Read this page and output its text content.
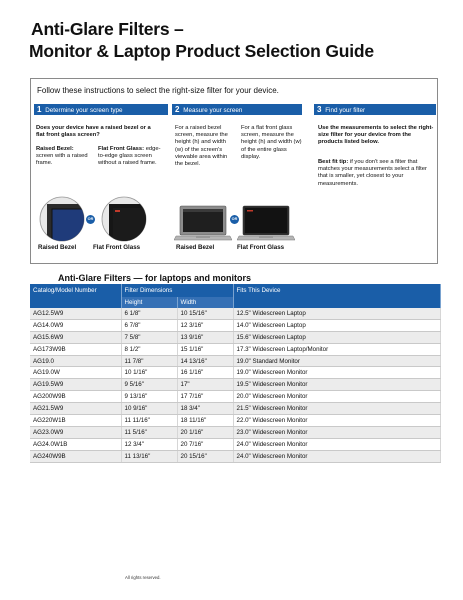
Anti-Glare Filters –
Monitor & Laptop Product Selection Guide
Follow these instructions to select the right-size filter for your device.
1 Determine your screen type	2 Measure your screen	3 Find your filter
Does your device have a raised bezel or a flat front glass screen?
Raised Bezel: screen with a raised frame.
Flat Front Glass: edge-to-edge glass screen without a raised frame.
For a raised bezel screen, measure the height (h) and width (w) of the screen's viewable area within the bezel.
For a flat front glass screen, measure the height (h) and width (w) of the entire glass display.
Use the measurements to select the right-size filter for your device from the products listed below.
Best fit tip: if you don't see a filter that matches your measurements select a filter that is smaller, yet closest to your measurements.
OR
Raised Bezel	Flat Front Glass
OR
Raised Bezel	Flat Front Glass
Anti-Glare Filters — for laptops and monitors
Catalog/Model Number	Filter Dimensions		Fits This Device
	Height	Width	
AG12.5W9	6 1/8"	10 15/16"	12.5" Widescreen Laptop
AG14.0W9	6 7/8"	12 3/16"	14.0" Widescreen Laptop
AG15.6W9	7 5/8"	13 9/16"	15.6" Widescreen Laptop
AG173W9B	8 1/2"	15 1/16"	17.3" Widescreen Laptop/Monitor
AG19.0	11 7/8"	14 13/16"	19.0" Standard Monitor
AG19.0W	10 1/16"	16 1/16"	19.0" Widescreen Monitor
AG19.5W9	9 5/16"	17"	19.5" Widescreen Monitor
AG200W9B	9 13/16"	17 7/16"	20.0" Widescreen Monitor
AG21.5W9	10 9/16"	18 3/4"	21.5" Widescreen Monitor
AG220W1B	11 11/16"	18 11/16"	22.0" Widescreen Monitor
AG23.0W9	11 5/16"	20 1/16"	23.0" Widescreen Monitor
AG24.0W1B	12 3/4"	20 7/16"	24.0" Widescreen Monitor
AG240W9B	11 13/16"	20 15/16"	24.0" Widescreen Monitor
All rights reserved.
